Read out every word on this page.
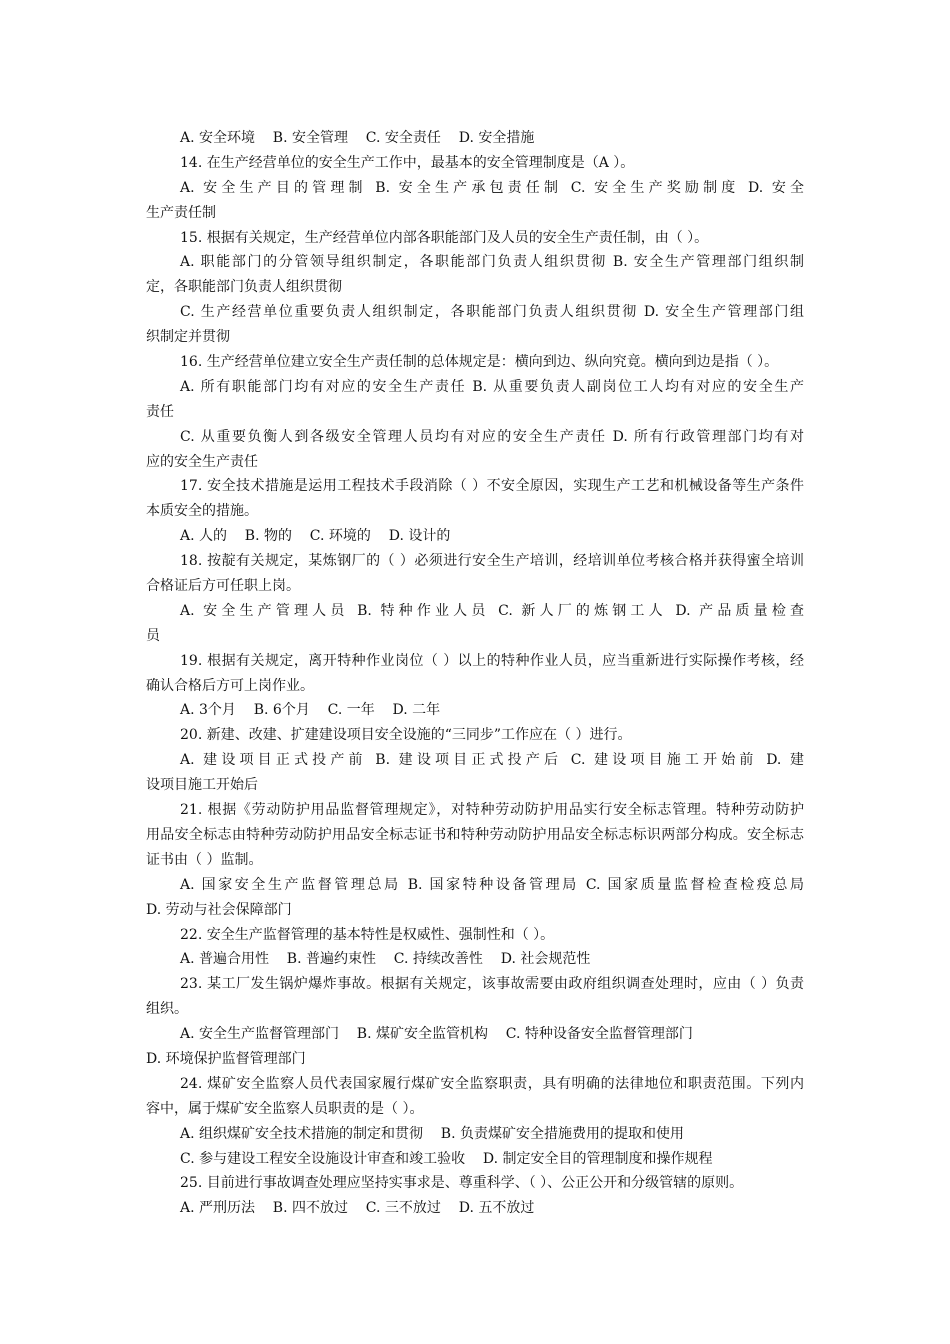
A. 安全环境    B. 安全管理    C. 安全责任    D. 安全措施
14. 在生产经营单位的安全生产工作中，最基本的安全管理制度是（A ）。
A. 安全生产目的管理制 B. 安全生产承包责任制 C. 安全生产奖励制度 D. 安全
生产责任制
15. 根据有关规定，生产经营单位内部各职能部门及人员的安全生产责任制，由（ ）。
A. 职能部门的分管领导组织制定，各职能部门负责人组织贯彻 B. 安全生产管理部门组织制
定，各职能部门负责人组织贯彻
C. 生产经营单位重要负责人组织制定，各职能部门负责人组织贯彻 D. 安全生产管理部门组
织制定并贯彻
16. 生产经营单位建立安全生产责任制的总体规定是：横向到边、纵向究竟。横向到边是指（ ）。
A. 所有职能部门均有对应的安全生产责任 B. 从重要负责人副岗位工人均有对应的安全生产
责任
C. 从重要负衡人到各级安全管理人员均有对应的安全生产责任 D. 所有行政管理部门均有对
应的安全生产责任
17. 安全技术措施是运用工程技术手段消除（ ）不安全原因，实现生产工艺和机械设备等生产条件
本质安全的措施。
A. 人的    B. 物的    C. 环境的    D. 设计的
18. 按靛有关规定，某炼钢厂的（ ）必须进行安全生产培训，经培训单位考核合格并获得蜜全培训
合格证后方可任职上岗。
A. 安全生产管理人员 B. 特种作业人员 C. 新人厂的炼钢工人 D. 产品质量检查
员
19. 根据有关规定，离开特种作业岗位（ ）以上的特种作业人员，应当重新进行实际操作考核，经
确认合格后方可上岗作业。
A. 3个月    B. 6个月    C. 一年    D. 二年
20. 新建、改建、扩建建设项目安全设施的“三同步”工作应在（ ）进行。
A. 建设项目正式投产前 B. 建设项目正式投产后 C. 建设项目施工开始前 D. 建
设项目施工开始后
21. 根据《劳动防护用品监督管理规定》，对特种劳动防护用品实行安全标志管理。特种劳动防护
用品安全标志由特种劳动防护用品安全标志证书和特种劳动防护用品安全标志标识两部分构成。安全标志
证书由（ ）监制。
A. 国家安全生产监督管理总局 B. 国家特种设备管理局 C. 国家质量监督检查检疫总局
D. 劳动与社会保障部门
22. 安全生产监督管理的基本特性是权威性、强制性和（ ）。
A. 普遍合用性    B. 普遍约束性    C. 持续改善性    D. 社会规范性
23. 某工厂发生锅炉爆炸事故。根据有关规定，该事故需要由政府组织调查处理时，应由（ ）负责
组织。
A. 安全生产监督管理部门    B. 煤矿安全监管机构    C. 特种设备安全监督管理部门
D. 环境保护监督管理部门
24. 煤矿安全监察人员代表国家履行煤矿安全监察职责，具有明确的法律地位和职责范围。下列内
容中，属于煤矿安全监察人员职责的是（ ）。
A. 组织煤矿安全技术措施的制定和贯彻    B. 负责煤矿安全措施费用的提取和使用
C. 参与建设工程安全设施设计审查和竣工验收    D. 制定安全目的管理制度和操作规程
25. 目前进行事故调查处理应坚持实事求是、尊重科学、（ ）、公正公开和分级管辖的原则。
A. 严刑历法    B. 四不放过    C. 三不放过    D. 五不放过
